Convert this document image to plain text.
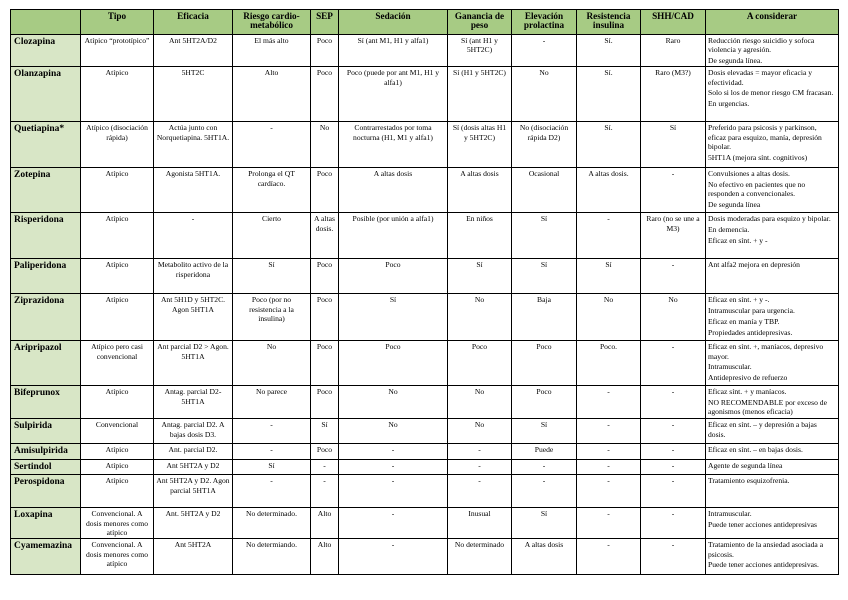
	Tipo	Eficacia	Riesgo cardio-metabólico	SEP	Sedación	Ganancia de peso	Elevación prolactina	Resistencia insulina	SHH/CAD	A considerar
Clozapina	Atípico “prototípico”	Ant 5HT2A/D2	El más alto	Poco	Sí (ant M1, H1 y alfa1)	Sí (ant H1 y 5HT2C)	-	Sí.	Raro	Reducción riesgo suicidio y sofoca violencia y agresión.
De segunda línea.

Olanzapina	Atípico	5HT2C	Alto	Poco	Poco (puede por ant M1, H1 y alfa1)	Sí (H1 y 5HT2C)	No	Sí.	Raro (M3?)	Dosis elevadas = mayor eficacia y efectividad.
Solo si los de menor riesgo CM fracasan.
En urgencias.

Quetiapina*	Atípico (disociación rápida)	Actúa junto con Norquetiapina. 5HT1A.	-	No	Contrarrestados por toma nocturna (H1, M1 y alfa1)	Sí (dosis altas H1 y 5HT2C)	No (disociación rápida D2)	Sí.	Sí	Preferido para psicosis y parkinson, eficaz para esquizo, manía, depresión bipolar.
5HT1A (mejora sínt. cognitivos)

Zotepina	Atípico	Agonista 5HT1A.	Prolonga el QT cardíaco.	Poco	A altas dosis	A altas dosis	Ocasional	A altas dosis.	-	Convulsiones a altas dosis.
No efectivo en pacientes que no responden a convencionales.
De segunda línea

Risperidona	Atípico	-	Cierto	A altas dosis.	Posible (por unión a alfa1)	En niños	Sí	-	Raro (no se une a M3)	Dosis moderadas para esquizo y bipolar.
En demencia.
Eficaz en sínt. + y -

Paliperidona	Atípico	Metabolito activo de la risperidona	Sí	Poco	Poco	Sí	Sí	Sí	-	Ant alfa2 mejora en depresión

Ziprazidona	Atípico	Ant 5H1D y 5HT2C. Agon 5HT1A	Poco (por no resistencia a la insulina)	Poco	Sí	No	Baja	No	No	Eficaz en sínt. + y -.
Intramuscular para urgencia.
Eficaz en manía y TBP.
Propiedades antidepresivas.

Aripripazol	Atípico pero casi convencional	Ant parcial D2 > Agon. 5HT1A	No	Poco	Poco	Poco	Poco	Poco.	-	Eficaz en sínt. +, maníacos, depresivo mayor.
Intramuscular.
Antidepresivo de refuerzo

Bifeprunox	Atípico	Antag. parcial D2-5HT1A	No parece	Poco	No	No	Poco	-	-	Eficaz sínt. + y maníacos.
NO RECOMENDABLE por exceso de agonismos (menos eficacia)

Sulpirida	Convencional	Antag. parcial D2. A bajas dosis D3.	-	Sí	No	No	Sí	-	-	Eficaz en sínt. – y depresión a bajas dosis.

Amisulpirida	Atípico	Ant. parcial D2.	-	Poco	-	-	Puede	-	-	Eficaz en sínt. – en bajas dosis.

Sertindol	Atípico	Ant 5HT2A y D2	Sí	-	-	-	-	-	-	Agente de segunda línea

Perospidona	Atípico	Ant 5HT2A y D2. Agon parcial 5HT1A	-	-	-	-	-	-	-	Tratamiento esquizofrenia.

Loxapina	Convencional. A dosis menores como atípico	Ant. 5HT2A y D2	No determinado.	Alto	-	Inusual	Sí	-	-	Intramuscular.
Puede tener acciones antidepresivas

Cyamemazina	Convencional. A dosis menores como atípico	Ant 5HT2A	No determiando.	Alto	-	No determinado	A altas dosis	-	-	Tratamiento de la ansiedad asociada a psicosis.
Puede tener acciones antidepresivas.
